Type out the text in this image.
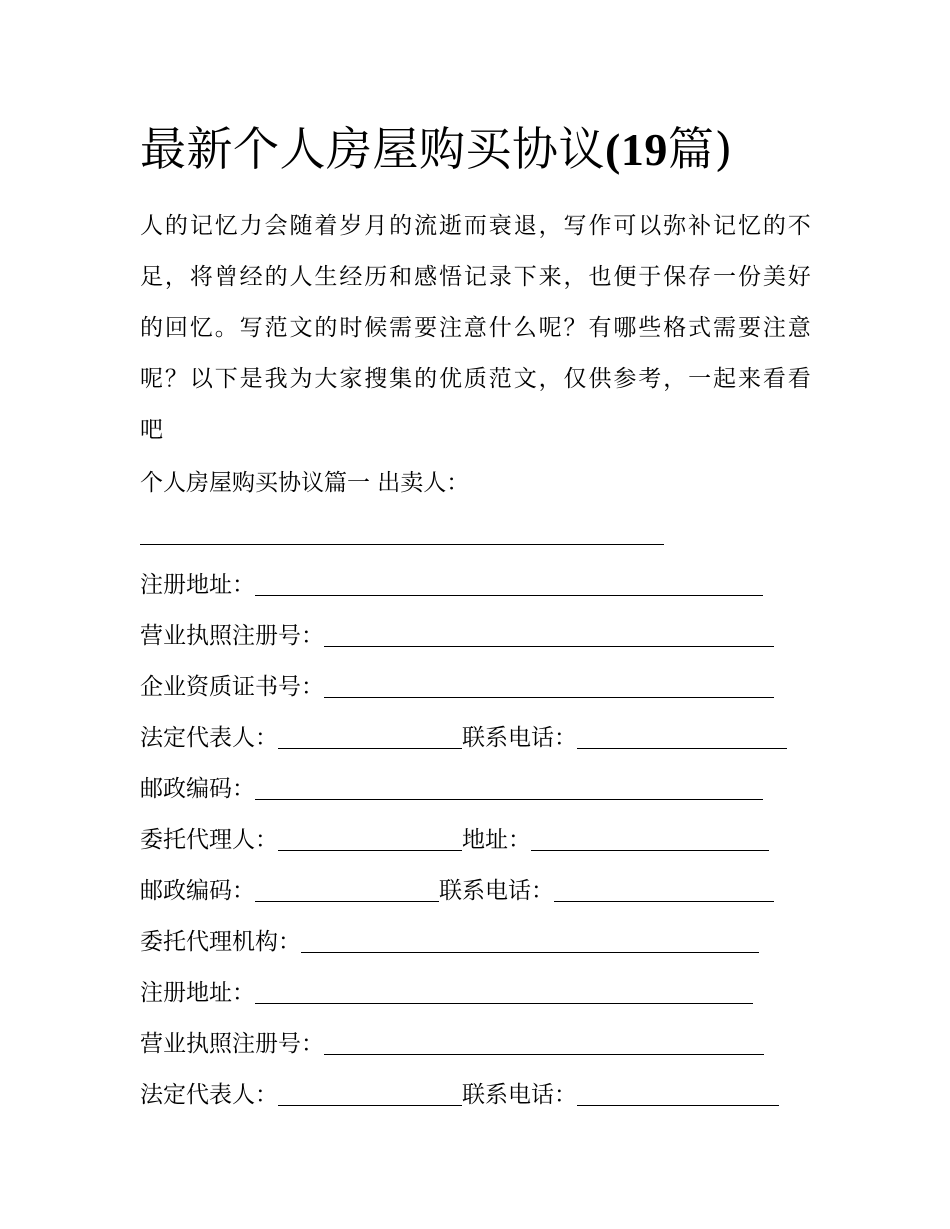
最新个人房屋购买协议(19篇)

人的记忆力会随着岁月的流逝而衰退，写作可以弥补记忆的不足，将曾经的人生经历和感悟记录下来，也便于保存一份美好的回忆。写范文的时候需要注意什么呢？有哪些格式需要注意呢？以下是我为大家搜集的优质范文，仅供参考，一起来看看吧

个人房屋购买协议篇一 出卖人：
注册地址：
营业执照注册号：
企业资质证书号：
法定代表人：	联系电话：
邮政编码：
委托代理人：	地址：
邮政编码：	联系电话：
委托代理机构：
注册地址：
营业执照注册号：
法定代表人：	联系电话：
